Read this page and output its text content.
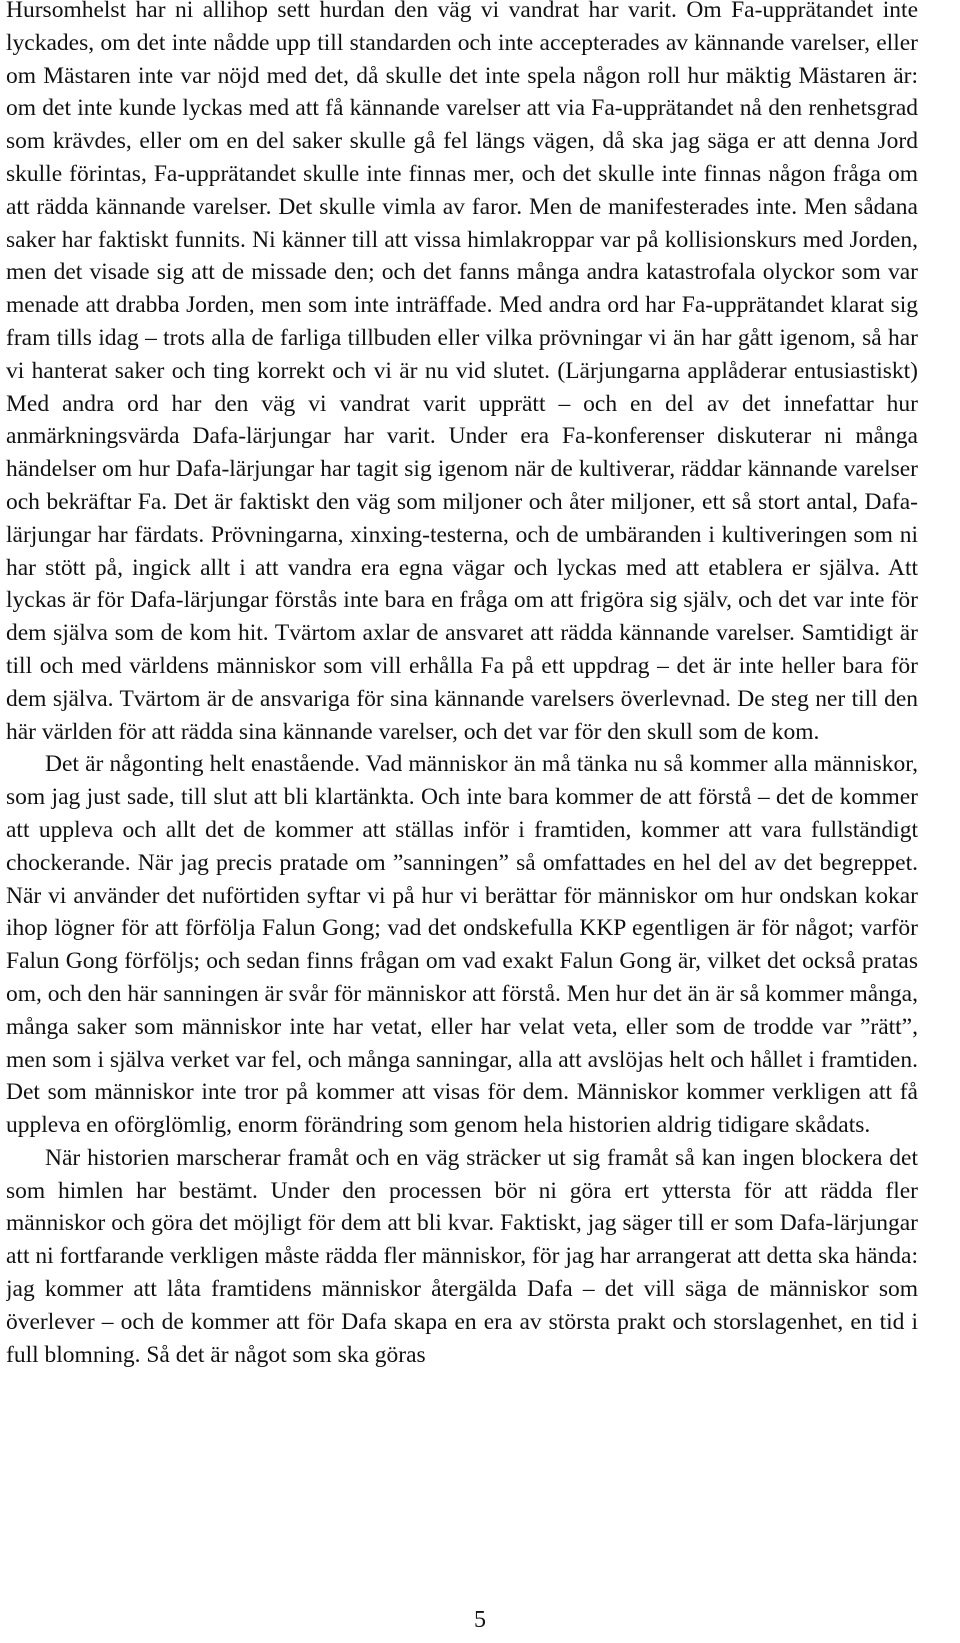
Hursomhelst har ni allihop sett hurdan den väg vi vandrat har varit. Om Fa-upprätandet inte lyckades, om det inte nådde upp till standarden och inte accepterades av kännande varelser, eller om Mästaren inte var nöjd med det, då skulle det inte spela någon roll hur mäktig Mästaren är: om det inte kunde lyckas med att få kännande varelser att via Fa-upprätandet nå den renhetsgrad som krävdes, eller om en del saker skulle gå fel längs vägen, då ska jag säga er att denna Jord skulle förintas, Fa-upprätandet skulle inte finnas mer, och det skulle inte finnas någon fråga om att rädda kännande varelser. Det skulle vimla av faror. Men de manifesterades inte. Men sådana saker har faktiskt funnits. Ni känner till att vissa himlakroppar var på kollisionskurs med Jorden, men det visade sig att de missade den; och det fanns många andra katastrofala olyckor som var menade att drabba Jorden, men som inte inträffade. Med andra ord har Fa-upprätandet klarat sig fram tills idag – trots alla de farliga tillbuden eller vilka prövningar vi än har gått igenom, så har vi hanterat saker och ting korrekt och vi är nu vid slutet. (Lärjungarna applåderar entusiastiskt) Med andra ord har den väg vi vandrat varit upprätt – och en del av det innefattar hur anmärkningsvärda Dafa-lärjungar har varit. Under era Fa-konferenser diskuterar ni många händelser om hur Dafa-lärjungar har tagit sig igenom när de kultiverar, räddar kännande varelser och bekräftar Fa. Det är faktiskt den väg som miljoner och åter miljoner, ett så stort antal, Dafa-lärjungar har färdats. Prövningarna, xinxing-testerna, och de umbäranden i kultiveringen som ni har stött på, ingick allt i att vandra era egna vägar och lyckas med att etablera er själva. Att lyckas är för Dafa-lärjungar förstås inte bara en fråga om att frigöra sig själv, och det var inte för dem själva som de kom hit. Tvärtom axlar de ansvaret att rädda kännande varelser. Samtidigt är till och med världens människor som vill erhålla Fa på ett uppdrag – det är inte heller bara för dem själva. Tvärtom är de ansvariga för sina kännande varelsers överlevnad. De steg ner till den här världen för att rädda sina kännande varelser, och det var för den skull som de kom.

Det är någonting helt enastående. Vad människor än må tänka nu så kommer alla människor, som jag just sade, till slut att bli klartänkta. Och inte bara kommer de att förstå – det de kommer att uppleva och allt det de kommer att ställas inför i framtiden, kommer att vara fullständigt chockerande. När jag precis pratade om ”sanningen” så omfattades en hel del av det begreppet. När vi använder det nuförtiden syftar vi på hur vi berättar för människor om hur ondskan kokar ihop lögner för att förfölja Falun Gong; vad det ondskefulla KKP egentligen är för något; varför Falun Gong förföljs; och sedan finns frågan om vad exakt Falun Gong är, vilket det också pratas om, och den här sanningen är svår för människor att förstå. Men hur det än är så kommer många, många saker som människor inte har vetat, eller har velat veta, eller som de trodde var ”rätt”, men som i själva verket var fel, och många sanningar, alla att avslöjas helt och hållet i framtiden. Det som människor inte tror på kommer att visas för dem. Människor kommer verkligen att få uppleva en oförglömlig, enorm förändring som genom hela historien aldrig tidigare skådats.

När historien marscherar framåt och en väg sträcker ut sig framåt så kan ingen blockera det som himlen har bestämt. Under den processen bör ni göra ert yttersta för att rädda fler människor och göra det möjligt för dem att bli kvar. Faktiskt, jag säger till er som Dafa-lärjungar att ni fortfarande verkligen måste rädda fler människor, för jag har arrangerat att detta ska hända: jag kommer att låta framtidens människor återgälda Dafa – det vill säga de människor som överlever – och de kommer att för Dafa skapa en era av största prakt och storslagenhet, en tid i full blomning. Så det är något som ska göras

5
